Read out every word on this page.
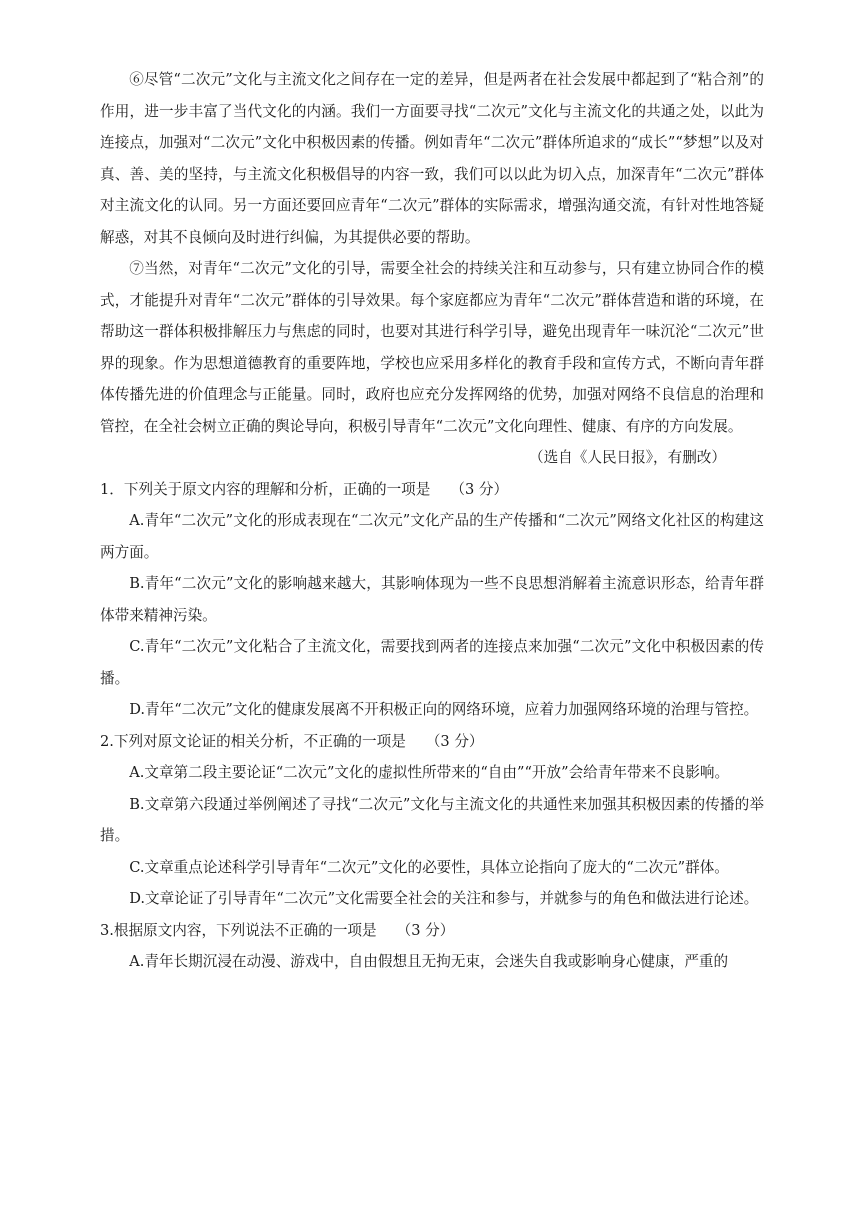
⑥尽管“二次元”文化与主流文化之间存在一定的差异，但是两者在社会发展中都起到了“粘合剂”的作用，进一步丰富了当代文化的内涵。我们一方面要寻找“二次元”文化与主流文化的共通之处，以此为连接点，加强对“二次元”文化中积极因素的传播。例如青年“二次元”群体所追求的“成长”“梦想”以及对真、善、美的坚持，与主流文化积极倡导的内容一致，我们可以以此为切入点，加深青年“二次元”群体对主流文化的认同。另一方面还要回应青年“二次元”群体的实际需求，增强沟通交流，有针对性地答疑解惑，对其不良倾向及时进行纠偏，为其提供必要的帮助。

⑦当然，对青年“二次元”文化的引导，需要全社会的持续关注和互动参与，只有建立协同合作的模式，才能提升对青年“二次元”群体的引导效果。每个家庭都应为青年“二次元”群体营造和谐的环境，在帮助这一群体积极排解压力与焦虑的同时，也要对其进行科学引导，避免出现青年一味沉沦“二次元”世界的现象。作为思想道德教育的重要阵地，学校也应采用多样化的教育手段和宣传方式，不断向青年群体传播先进的价值理念与正能量。同时，政府也应充分发挥网络的优势，加强对网络不良信息的治理和管控，在全社会树立正确的舆论导向，积极引导青年“二次元”文化向理性、健康、有序的方向发展。

（选自《人民日报》，有删改）

1．下列关于原文内容的理解和分析，正确的一项是 （3 分）

A.青年“二次元”文化的形成表现在“二次元”文化产品的生产传播和“二次元”网络文化社区的构建这两方面。

B.青年“二次元”文化的影响越来越大，其影响体现为一些不良思想消解着主流意识形态，给青年群体带来精神污染。

C.青年“二次元”文化粘合了主流文化，需要找到两者的连接点来加强“二次元”文化中积极因素的传播。

D.青年“二次元”文化的健康发展离不开积极正向的网络环境，应着力加强网络环境的治理与管控。

2.下列对原文论证的相关分析，不正确的一项是 （3 分）

A.文章第二段主要论证“二次元”文化的虚拟性所带来的“自由”“开放”会给青年带来不良影响。

B.文章第六段通过举例阐述了寻找“二次元”文化与主流文化的共通性来加强其积极因素的传播的举措。

C.文章重点论述科学引导青年“二次元”文化的必要性，具体立论指向了庞大的“二次元”群体。

D.文章论证了引导青年“二次元”文化需要全社会的关注和参与，并就参与的角色和做法进行论述。

3.根据原文内容，下列说法不正确的一项是 （3 分）

A.青年长期沉浸在动漫、游戏中，自由假想且无拘无束，会迷失自我或影响身心健康，严重的
